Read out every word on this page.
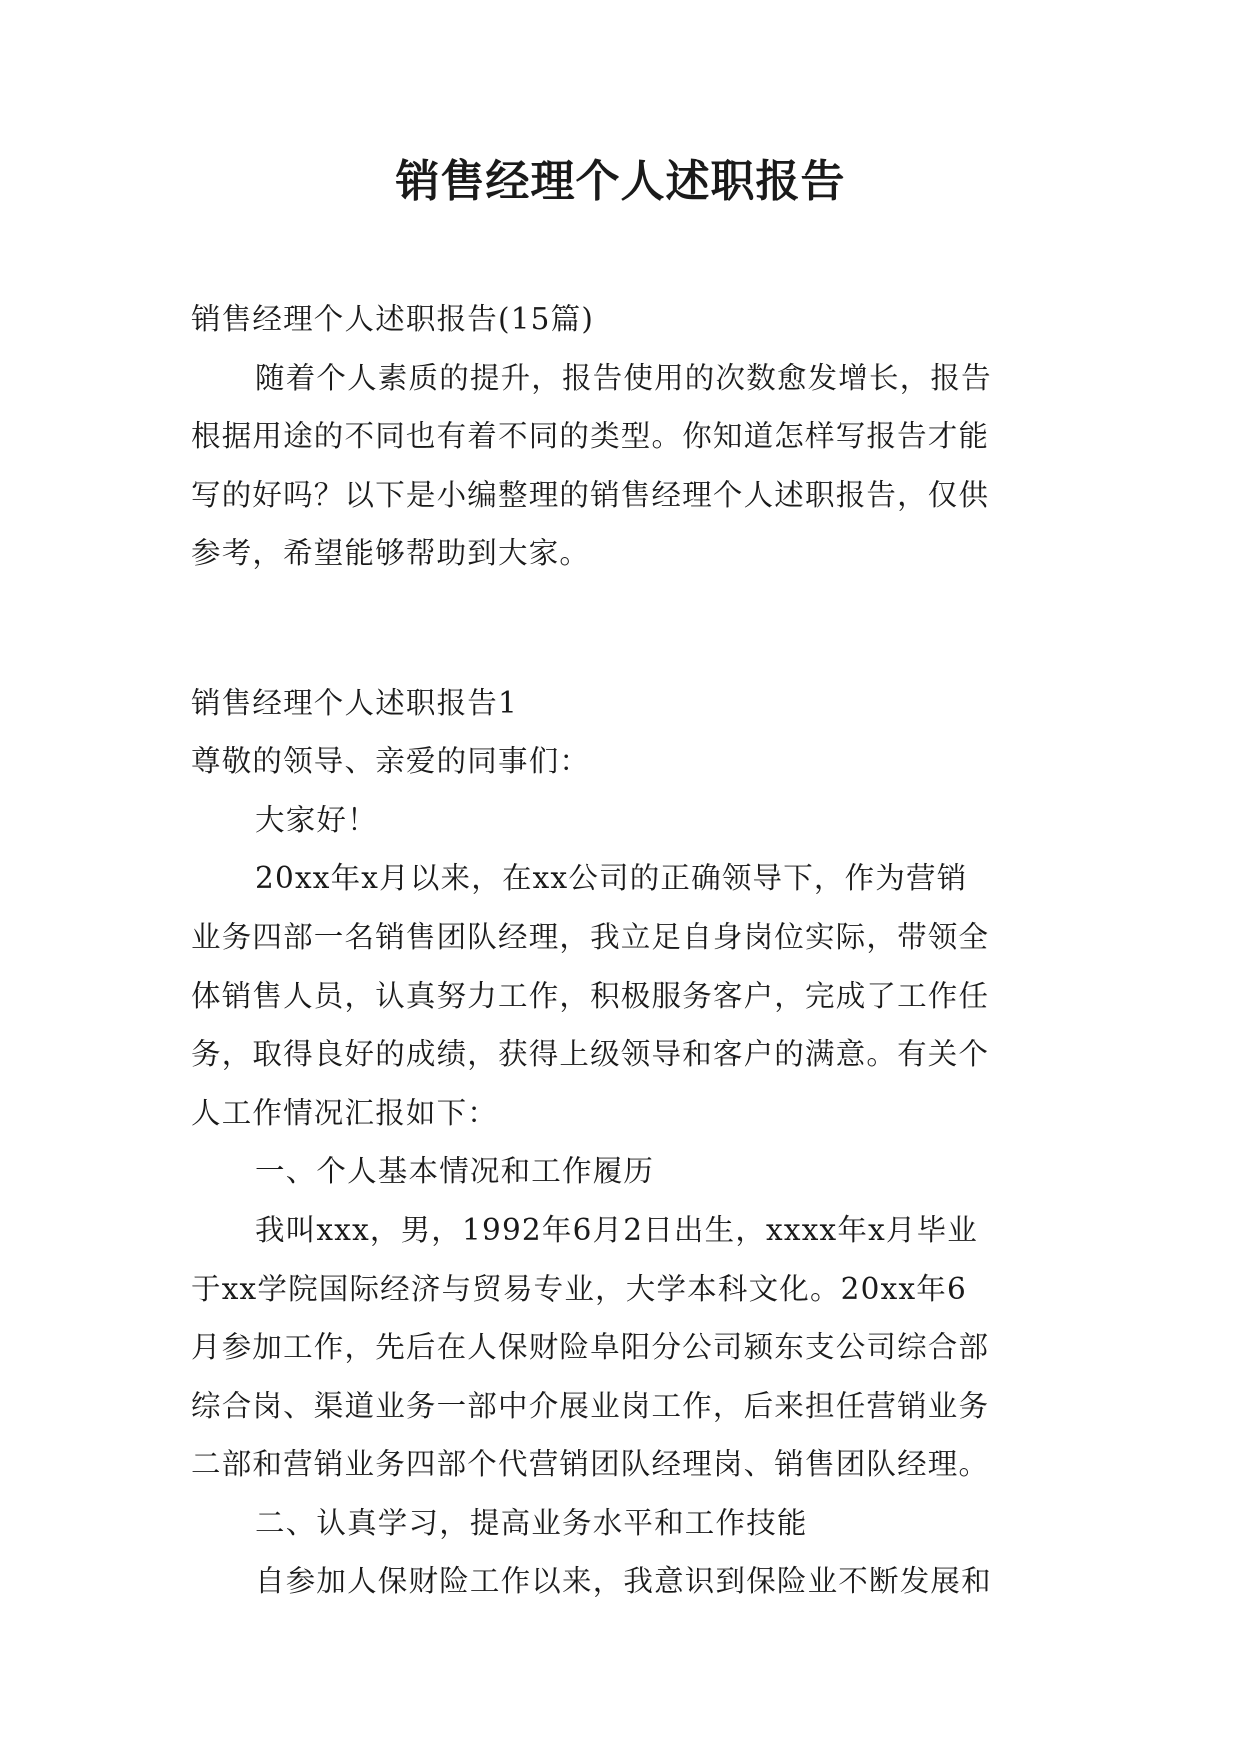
销售经理个人述职报告

销售经理个人述职报告(15篇)

随着个人素质的提升，报告使用的次数愈发增长，报告

根据用途的不同也有着不同的类型。你知道怎样写报告才能

写的好吗？以下是小编整理的销售经理个人述职报告，仅供

参考，希望能够帮助到大家。

销售经理个人述职报告1

尊敬的领导、亲爱的同事们：

大家好！

20xx年x月以来，在xx公司的正确领导下，作为营销

业务四部一名销售团队经理，我立足自身岗位实际，带领全

体销售人员，认真努力工作，积极服务客户，完成了工作任

务，取得良好的成绩，获得上级领导和客户的满意。有关个

人工作情况汇报如下：

一、个人基本情况和工作履历

我叫xxx，男，1992年6月2日出生，xxxx年x月毕业

于xx学院国际经济与贸易专业，大学本科文化。20xx年6

月参加工作，先后在人保财险阜阳分公司颍东支公司综合部

综合岗、渠道业务一部中介展业岗工作，后来担任营销业务

二部和营销业务四部个代营销团队经理岗、销售团队经理。

二、认真学习，提高业务水平和工作技能

自参加人保财险工作以来，我意识到保险业不断发展和
